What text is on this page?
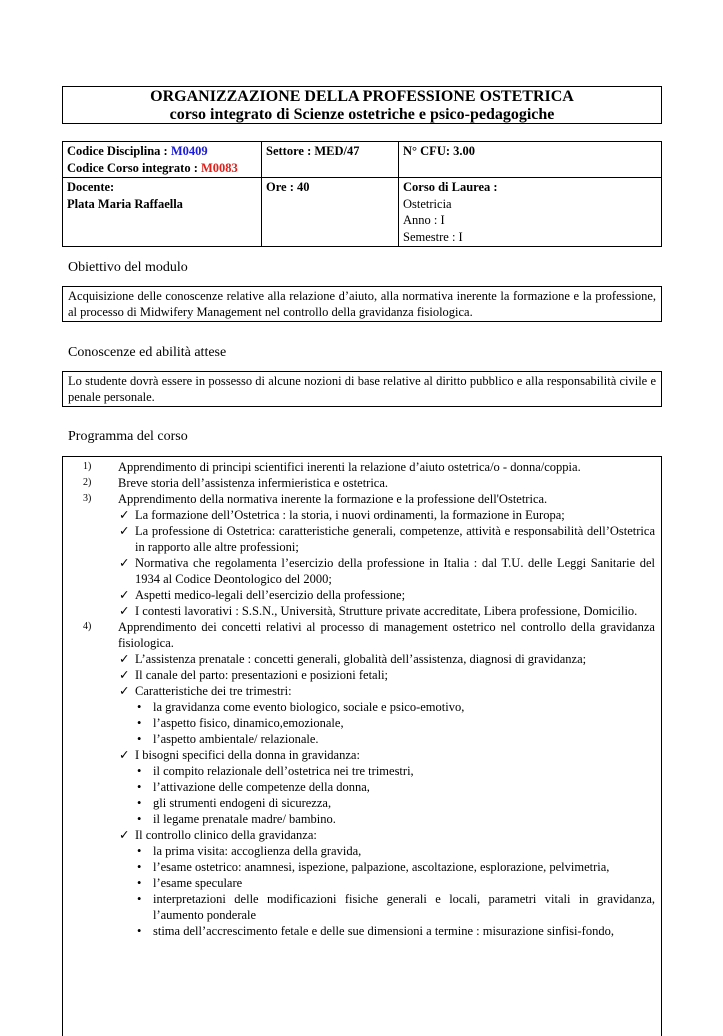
ORGANIZZAZIONE DELLA PROFESSIONE OSTETRICA
corso integrato di Scienze ostetriche e psico-pedagogiche
Codice Disciplina : M0409
Codice Corso integrato : M0083	Settore : MED/47	N° CFU: 3.00
Docente:
Plata Maria Raffaella	Ore : 40	Corso di Laurea :
Ostetricia
Anno : I
Semestre : I
Obiettivo del modulo
Acquisizione delle conoscenze relative alla relazione d’aiuto, alla normativa inerente la formazione e la professione, al processo di Midwifery Management nel controllo della gravidanza fisiologica.
Conoscenze ed abilità attese
Lo studente dovrà essere in possesso di alcune nozioni di base relative al diritto pubblico e alla responsabilità civile e penale personale.
Programma del corso
1)	Apprendimento di principi scientifici inerenti la relazione d’aiuto ostetrica/o - donna/coppia.
2)	Breve storia dell’assistenza infermieristica e ostetrica.
3)	Apprendimento della normativa inerente la formazione e la professione dell'Ostetrica.
✓ La formazione dell’Ostetrica : la storia, i nuovi ordinamenti, la formazione in Europa;
✓ La professione di Ostetrica: caratteristiche generali, competenze, attività e responsabilità dell’Ostetrica in rapporto alle altre professioni;
✓ Normativa che regolamenta l’esercizio della professione in Italia : dal T.U. delle Leggi Sanitarie del 1934 al Codice Deontologico del 2000;
✓ Aspetti medico-legali dell’esercizio della professione;
✓ I contesti lavorativi : S.S.N., Università, Strutture private accreditate, Libera professione, Domicilio.
4)	Apprendimento dei concetti relativi al processo di management ostetrico nel controllo della gravidanza fisiologica.
✓ L’assistenza prenatale : concetti generali, globalità dell’assistenza, diagnosi di gravidanza;
✓ Il canale del parto: presentazioni e posizioni fetali;
✓ Caratteristiche dei tre trimestri:
• la gravidanza come evento biologico, sociale e psico-emotivo,
• l’aspetto fisico, dinamico,emozionale,
• l’aspetto ambientale/ relazionale.
✓ I bisogni specifici della donna in gravidanza:
• il compito relazionale dell’ostetrica nei tre trimestri,
• l’attivazione delle competenze della donna,
• gli strumenti endogeni di sicurezza,
• il legame prenatale madre/ bambino.
✓ Il controllo clinico della gravidanza:
• la prima visita: accoglienza della gravida,
• l’esame ostetrico: anamnesi, ispezione, palpazione, ascoltazione, esplorazione, pelvimetria,
• l’esame speculare
• interpretazioni delle modificazioni fisiche generali e locali, parametri vitali in gravidanza, l’aumento ponderale
• stima dell’accrescimento fetale e delle sue dimensioni a termine : misurazione sinfisi-fondo,
